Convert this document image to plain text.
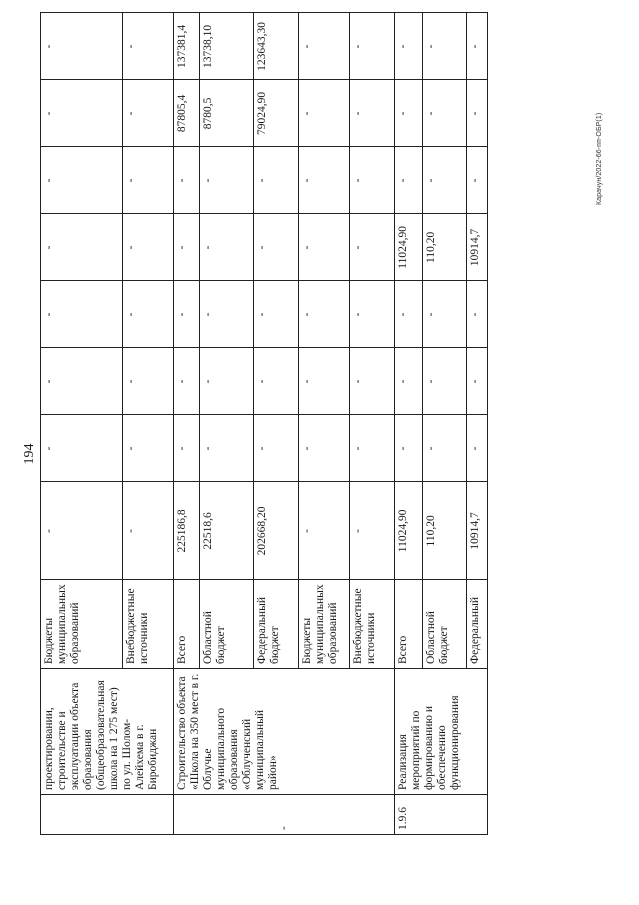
194
	проектировании, строительстве и эксплуатации объекта образования (общеобразовательная школа на 1 275 мест) по ул. Шолом-Алейхема в г. Биробиджан	Бюджеты муниципальных образований	-	-	-	-	-	-	-	-
		Внебюджетные источники	-	-	-	-	-	-	-	-
-	Строительство объекта «Школа на 350 мест в г. Облучье муниципального образования «Облученский муниципальный район»	Всего	225186,8	-	-	-	-	-	87805,4	137381,4
		Областной бюджет	22518,6	-	-	-	-	-	8780,5	13738,10
		Федеральный бюджет	202668,20	-	-	-	-	-	79024,90	123643,30
		Бюджеты муниципальных образований	-	-	-	-	-	-	-	-
		Внебюджетные источники	-	-	-	-	-	-	-	-
1.9.6	Реализация мероприятий по формированию и обеспечению функционирования	Всего	11024,90	-	-	-	11024,90	-	-	-
		Областной бюджет	110,20	-	-	-	110,20	-	-	-
		Федеральный	10914,7	-	-	-	10914,7	-	-	-
Карачун/2022-66-пп-ОБР(1)
